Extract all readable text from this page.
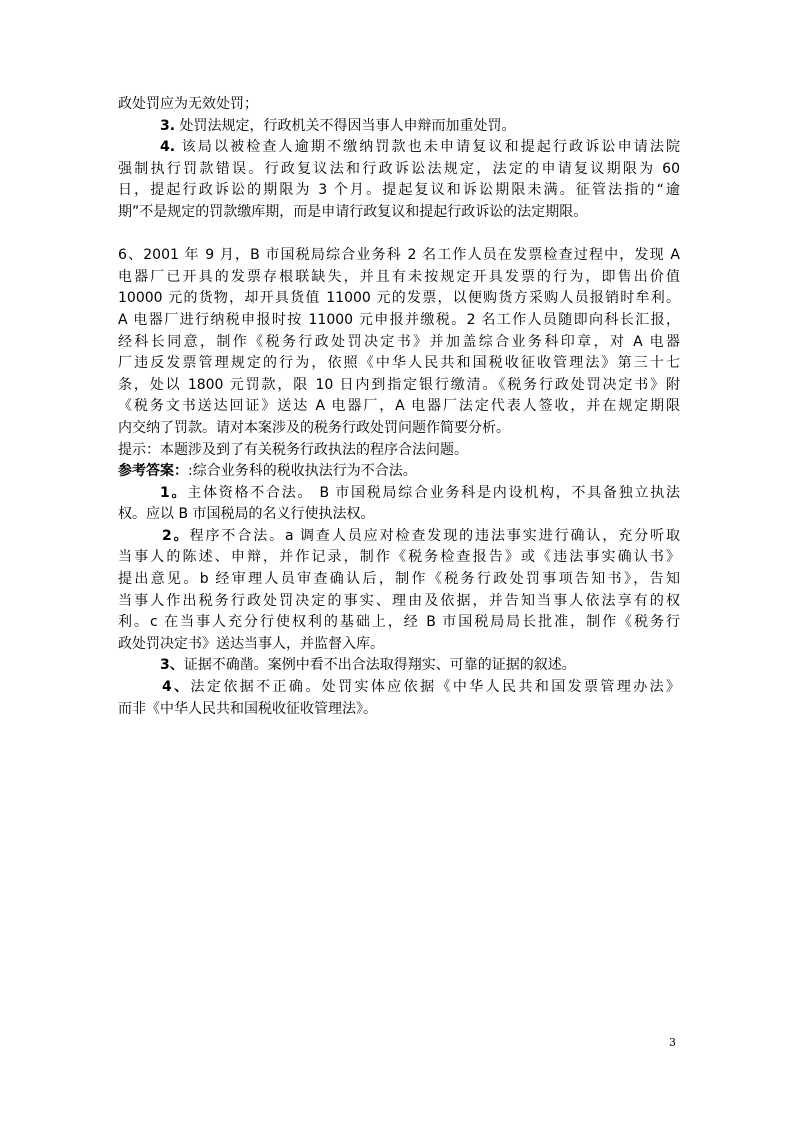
政处罚应为无效处罚；
3. 处罚法规定，行政机关不得因当事人申辩而加重处罚。
4. 该局以被检查人逾期不缴纳罚款也未申请复议和提起行政诉讼申请法院
强制执行罚款错误。行政复议法和行政诉讼法规定，法定的申请复议期限为 60
日，提起行政诉讼的期限为 3 个月。提起复议和诉讼期限未满。征管法指的“逾
期”不是规定的罚款缴库期，而是申请行政复议和提起行政诉讼的法定期限。
6、2001 年 9 月，B 市国税局综合业务科 2 名工作人员在发票检查过程中，发现 A
电器厂已开具的发票存根联缺失，并且有未按规定开具发票的行为，即售出价值
10000 元的货物，却开具货值 11000 元的发票，以便购货方采购人员报销时牟利。
A 电器厂进行纳税申报时按 11000 元申报并缴税。2 名工作人员随即向科长汇报，
经科长同意，制作《税务行政处罚决定书》并加盖综合业务科印章，对 A 电器
厂违反发票管理规定的行为，依照《中华人民共和国税收征收管理法》第三十七
条，处以 1800 元罚款，限 10 日内到指定银行缴清。《税务行政处罚决定书》附
《税务文书送达回证》送达 A 电器厂，A 电器厂法定代表人签收，并在规定期限
内交纳了罚款。请对本案涉及的税务行政处罚问题作简要分析。
提示：本题涉及到了有关税务行政执法的程序合法问题。
参考答案：:综合业务科的税收执法行为不合法。
1。主体资格不合法。 B 市国税局综合业务科是内设机构，不具备独立执法
权。应以 B 市国税局的名义行使执法权。
2。程序不合法。a 调查人员应对检查发现的违法事实进行确认，充分听取
当事人的陈述、申辩，并作记录，制作《税务检查报告》或《违法事实确认书》
提出意见。b 经审理人员审查确认后，制作《税务行政处罚事项告知书》，告知
当事人作出税务行政处罚决定的事实、理由及依据，并告知当事人依法享有的权
利。c 在当事人充分行使权利的基础上，经 B 市国税局局长批准，制作《税务行
政处罚决定书》送达当事人，并监督入库。
3、证据不确凿。案例中看不出合法取得翔实、可靠的证据的叙述。
4、法定依据不正确。处罚实体应依据《中华人民共和国发票管理办法》
而非《中华人民共和国税收征收管理法》。
3
